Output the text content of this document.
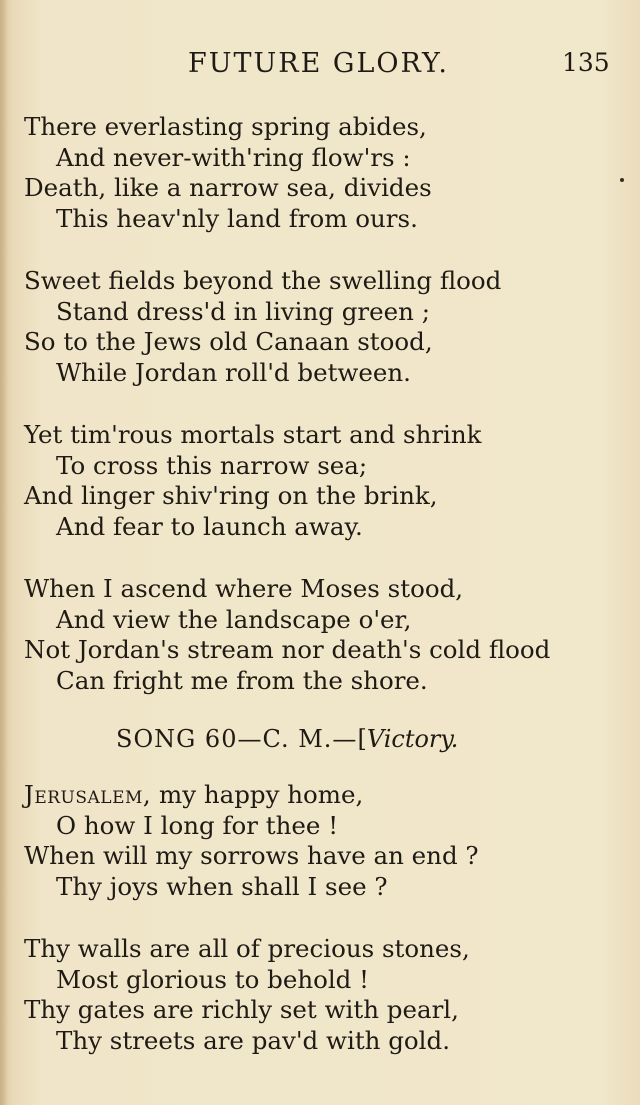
FUTURE GLORY.	135
There everlasting spring abides,
And never-with'ring flow'rs :
Death, like a narrow sea, divides
This heav'nly land from ours.
Sweet fields beyond the swelling flood
Stand dress'd in living green ;
So to the Jews old Canaan stood,
While Jordan roll'd between.
Yet tim'rous mortals start and shrink
To cross this narrow sea;
And linger shiv'ring on the brink,
And fear to launch away.
When I ascend where Moses stood,
And view the landscape o'er,
Not Jordan's stream nor death's cold flood
Can fright me from the shore.
SONG 60—C. M.—[Victory.
Jerusalem, my happy home,
O how I long for thee !
When will my sorrows have an end ?
Thy joys when shall I see ?
Thy walls are all of precious stones,
Most glorious to behold !
Thy gates are richly set with pearl,
Thy streets are pav'd with gold.
